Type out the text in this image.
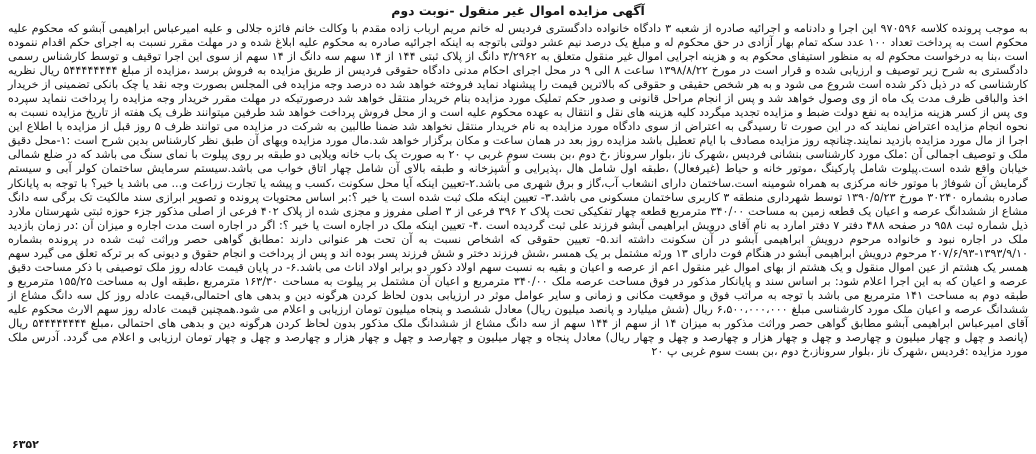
آگهی مزایده اموال غیر منقول -نوبت دوم
به موجب پرونده کلاسه ۹۷۰۵۹۶ این اجرا و دادنامه و اجرائیه صادره از شعبه ۳ دادگاه خانواده دادگستری فردیس له خانم مریم ارباب زاده مقدم با وکالت خانم فائزه جلالی و علیه امیرعباس ابراهیمی آبشو که محکوم علیه محکوم است به پرداخت تعداد ۱۰۰ عدد سکه تمام بهار آزادی در حق محکوم له و مبلغ یک درصد نیم عشر دولتی باتوجه به اینکه اجرائیه صادره به محکوم علیه ابلاغ شده و در مهلت مقرر نسبت به اجرای حکم اقدام ننموده است ،بنا به درخواست محکوم له به منظور استیفای محکوم به و هزینه اجرایی اموال غیر منقول متعلق به ۳/۲۹۶۲ دانگ از پلاک ثبتی ۱۴۴ از ۱۴ سهم سه دانگ از ۱۴ سهم از سوی این اجرا توقیف و توسط کارشناس رسمی دادگستری به شرح زیر توصیف و ارزیابی شده و قرار است در مورخ ۱۳۹۸/۸/۲۲ ساعت ۸ الی ۹ در محل اجرای احکام مدنی دادگاه حقوقی فردیس از طریق مزایده به فروش برسد ،مزایده از مبلغ ۵۴۴۴۴۴۴۴۴ ریال نظریه کارشناسی که در ذیل ذکر شده است شروع می شود و به هر شخص حقیقی و حقوقی که بالاترین قیمت را پیشنهاد نماید فروخته خواهد شد ده درصد وجه مزایده فی المجلس بصورت وجه نقد یا چک بانکی تضمینی از خریدار اخذ والباقی ظرف مدت یک ماه از وی وصول خواهد شد و پس از انجام مراحل قانونی و صدور حکم تملیک مورد مزایده بنام خریدار منتقل خواهد شد درصورتیکه در مهلت مقرر خریدار وجه مزایده را پرداخت ننماید سپرده وی پس از کسر هزینه مزایده به نفع دولت ضبط و مزایده تجدید میگردد کلیه هزینه های نقل و انتقال به عهده محکوم علیه است و از محل فروش پرداخت خواهد شد طرفین میتوانند ظرف یک هفته از تاریخ مزایده نسبت به نحوه انجام مزایده اعتراض نمایند که در این صورت تا رسیدگی به اعتراض از سوی دادگاه مورد مزایده به نام خریدار منتقل نخواهد شد ضمنا طالبین به شرکت در مزایده می توانند ظرف ۵ روز قبل از مزایده با اطلاع این اجرا از مال مورد مزایده بازدید نمایند.چنانچه روز مزایده مصادف با ایام تعطیل باشد مزایده روز بعد در همان ساعت و مکان برگزار خواهد شد.مال مورد مزایده وبهای آن طبق نظر کارشناس بدین شرح است :۱-محل دقیق ملک و توصیف اجمالی آن :ملک مورد کارشناسی بنشانی فردیس ،شهرک ناز ،بلوار سروناز ،خ دوم ،بن بست سوم غربی پ ۲۰ به صورت یک باب خانه ویلایی دو طبقه بر روی پیلوت با نمای سنگ می باشد که در ضلع شمالی خیابان واقع شده است.پیلوت شامل پارکینگ ،موتور خانه و حیاط (غیرفعال) ،طبقه اول شامل هال ،پذیرایی و آشپزخانه و طبقه بالای آن شامل چهار اتاق خواب می باشد.سیستم سرمایش ساختمان کولر آبی و سیستم گرمایش آن شوفاژ با موتور خانه مرکزی به همراه شومینه است.ساختمان دارای انشعاب آب،گاز و برق شهری می باشد.۲-تعیین اینکه آیا محل سکونت ،کسب و پیشه یا تجارت زراعت و... می باشد یا خیر؟ با توجه به پایانکار صادره بشماره ۳۰۲۴۰ مورخ ۱۳۹۰/۵/۲۳ توسط شهرداری منطقه ۳ کاربری ساختمان مسکونی می باشد.۳- تعیین اینکه ملک ثبت شده است یا خیر ؟:بر اساس محتویات پرونده و تصویر ابرازی سند مالکیت تک برگی سه دانگ مشاع از ششدانگ عرصه و اعیان یک قطعه زمین به مساحت ۳۴۰/۰۰ مترمربع قطعه چهار تفکیکی تحت پلاک ۲ ۳۹۶ فرعی از ۳ اصلی مفروز و مجزی شده از پلاک ۴۰۲ فرعی از اصلی مذکور جزء حوزه ثبتی شهرستان ملارد ذیل شماره ثبت ۹۵۸ در صفحه ۴۸۸ دفتر ۷ دفتر امارد به نام آقای درویش ابراهیمی آبشو فرزند علی ثبت گردیده است .۴- تعیین اینکه ملک در اجاره است یا خیر ؟: اگر در اجاره است مدت اجاره و میزان آن :در زمان بازدید ملک در اجاره نبود و خانواده مرحوم درویش ابراهیمی آبشو در آن سکونت داشته اند.۵- تعیین حقوقی که اشخاص نسبت به آن تحت هر عنوانی دارند :مطابق گواهی حصر وراثت ثبت شده در پرونده بشماره ۱۳۹۳/۹/۱۰-۲۰۷/۶/۹۳ مرحوم درویش ابراهیمی آبشو در هنگام فوت دارای ۱۳ ورثه مشتمل بر یک همسر ،شش فرزند دختر و شش فرزند پسر بوده اند و پس از پرداخت و انجام حقوق و دیونی که بر ترکه تعلق می گیرد سهم همسر یک هشتم از عین اموال منقول و یک هشتم از بهای اموال غیر منقول اعم از عرصه و اعیان و بقیه به نسبت سهم اولاد ذکور دو برابر اولاد اناث می باشد.۶- در پایان قیمت عادله روز ملک توصیفی با ذکر مساحت دقیق عرصه و اعیان که به این اجرا اعلام شود: بر اساس سند و پایانکار مذکور در فوق مساحت عرصه ملک ۳۴۰/۰۰ مترمربع و اعیان آن مشتمل بر پیلوت به مساحت ۱۶۳/۳۰ مترمربع ،طبقه اول به مساحت ۱۵۵/۲۵ مترمربع و طبقه دوم به مساحت ۱۴۱ مترمربع می باشد با توجه به مراتب فوق و موقعیت مکانی و زمانی و سایر عوامل موثر در ارزیابی بدون لحاظ کردن هرگونه دین و بدهی های احتمالی،قیمت عادله روز کل سه دانگ مشاع از ششدانگ عرصه و اعیان ملک مورد کارشناسی مبلغ ۶،۵۰۰،۰۰۰،۰۰۰ ریال (شش میلیارد و پانصد میلیون ریال) معادل ششصد و پنجاه میلیون تومان ارزیابی و اعلام می شود.همچنین قیمت عادله روز سهم الارث محکوم علیه آقای امیرعباس ابراهیمی آبشو مطابق گواهی حصر وراثت مذکور به میزان ۱۴ از سهم از ۱۴۴ سهم از سه دانگ مشاع از ششدانگ ملک مذکور بدون لحاظ کردن هرگونه دین و بدهی های احتمالی ،مبلغ ۵۴۴۴۴۴۴۴۴ ریال (پانصد و چهل و چهار میلیون و چهارصد و چهل و چهار هزار و چهارصد و چهل و چهار ریال) معادل پنجاه و چهار میلیون و چهارصد و چهل و چهار هزار و چهارصد و چهل و چهار تومان ارزیابی و اعلام می گردد. آدرس ملک مورد مزایده :فردیس ،شهرک ناز ،بلوار سروناز،خ دوم ،بن بست سوم غربی پ ۲۰
۶۳۵۲
